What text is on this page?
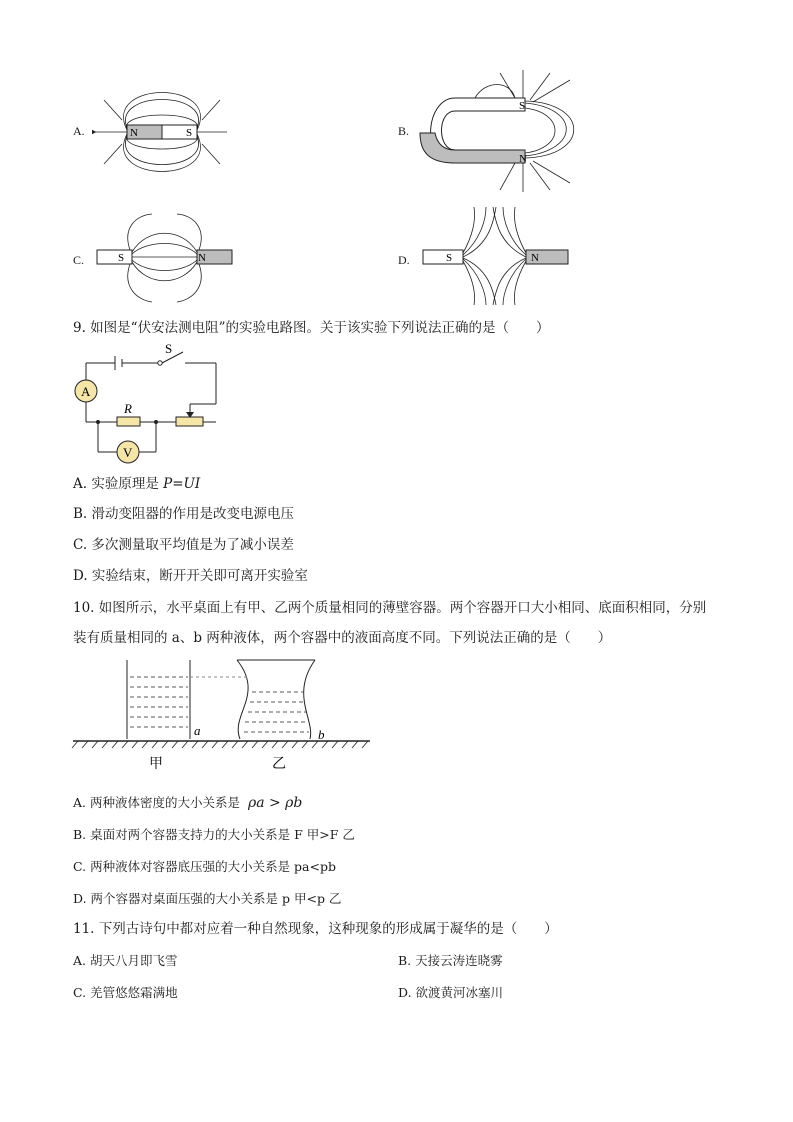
A.	N	S	B.
S
N
C.	S	N	D.	S	N
9. 如图是“伏安法测电阻”的实验电路图。关于该实验下列说法正确的是（　　）
A
R
V
S
A. 实验原理是 P=UI
B. 滑动变阻器的作用是改变电源电压
C. 多次测量取平均值是为了减小误差
D. 实验结束，断开开关即可离开实验室
10. 如图所示，水平桌面上有甲、乙两个质量相同的薄壁容器。两个容器开口大小相同、底面积相同，分别
装有质量相同的 a、b 两种液体，两个容器中的液面高度不同。下列说法正确的是（　　）
a	b
甲	乙
A. 两种液体密度的大小关系是 ρa > ρb
B. 桌面对两个容器支持力的大小关系是 F 甲>F 乙
C. 两种液体对容器底压强的大小关系是 pa<pb
D. 两个容器对桌面压强的大小关系是 p 甲<p 乙
11. 下列古诗句中都对应着一种自然现象，这种现象的形成属于凝华的是（　　）
A. 胡天八月即飞雪	B. 天接云涛连晓雾
C. 羌管悠悠霜满地	D. 欲渡黄河冰塞川
